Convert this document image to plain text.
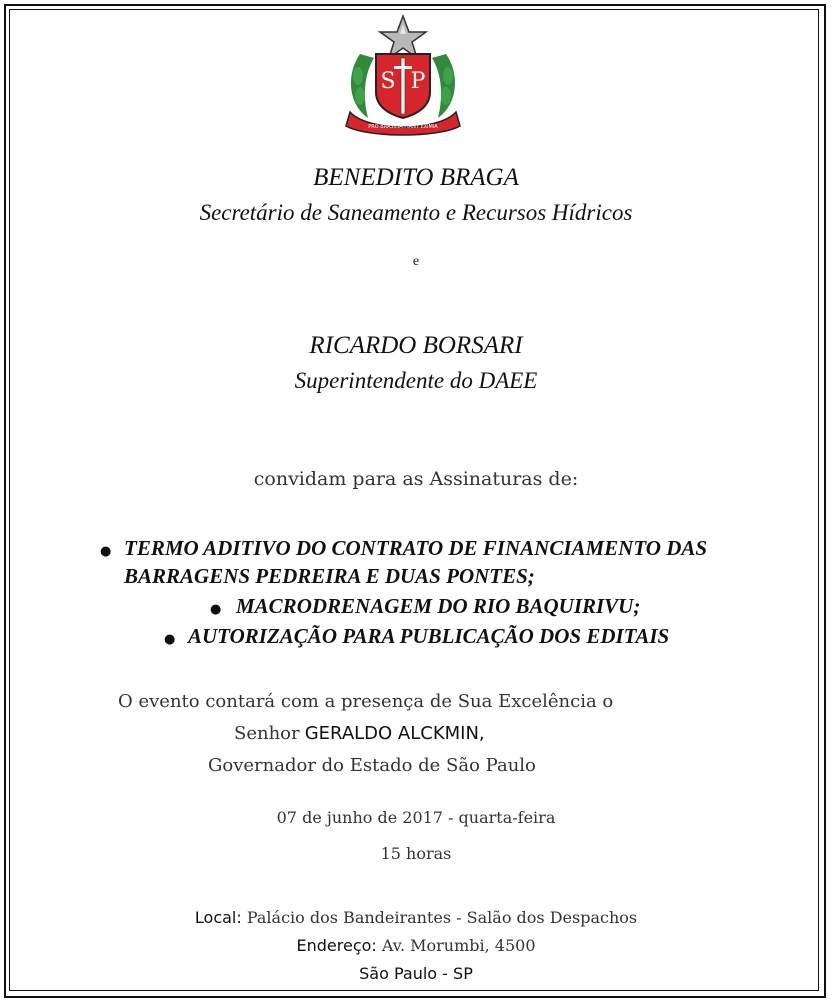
S P
PRO BRASILIA FIANT EXIMIA
BENEDITO BRAGA
Secretário de Saneamento e Recursos Hídricos
e
RICARDO BORSARI
Superintendente do DAEE
convidam para as Assinaturas de:
● TERMO ADITIVO DO CONTRATO DE FINANCIAMENTO DAS
BARRAGENS PEDREIRA E DUAS PONTES;
● MACRODRENAGEM DO RIO BAQUIRIVU;
● AUTORIZAÇÃO PARA PUBLICAÇÃO DOS EDITAIS
O evento contará com a presença de Sua Excelência o
Senhor GERALDO ALCKMIN,
Governador do Estado de São Paulo
07 de junho de 2017 - quarta-feira
15 horas
Local: Palácio dos Bandeirantes - Salão dos Despachos
Endereço: Av. Morumbi, 4500
São Paulo - SP
